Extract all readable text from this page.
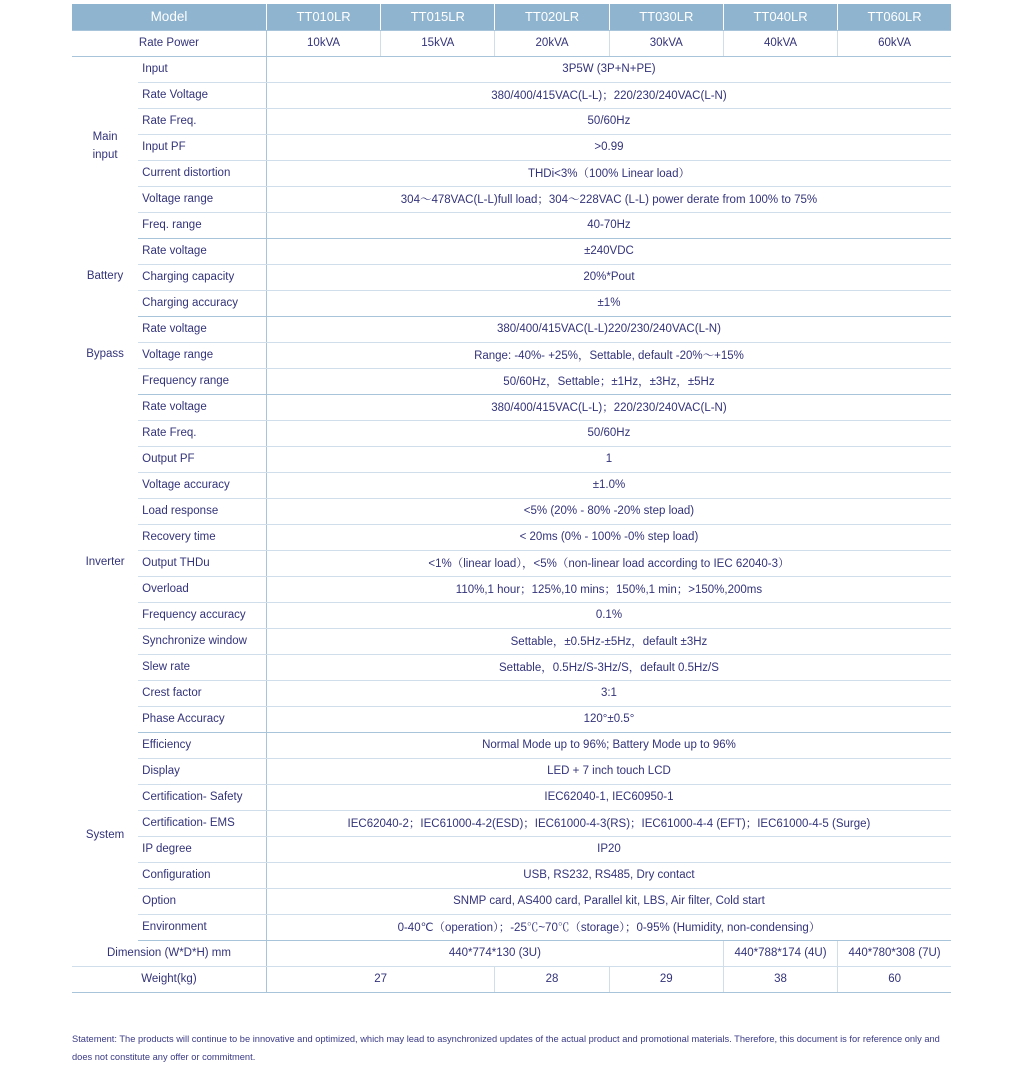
Model		TT010LR	TT015LR	TT020LR	TT030LR	TT040LR	TT060LR
Rate Power		10kVA	15kVA	20kVA	30kVA	40kVA	60kVA

Main
input	Input	3P5W (3P+N+PE)					
	Rate Voltage	380/400/415VAC(L-L)；220/230/240VAC(L-N)					
	Rate Freq.	50/60Hz					
	Input PF	>0.99					
	Current distortion	THDi<3%（100% Linear load）					
	Voltage range	304～478VAC(L-L)full load；304～228VAC (L-L) power derate from 100% to 75%					
	Freq. range	40-70Hz					
Battery	Rate voltage	±240VDC					
	Charging capacity	20%*Pout					
	Charging accuracy	±1%					
Bypass	Rate voltage	380/400/415VAC(L-L)220/230/240VAC(L-N)					
	Voltage range	Range: -40%- +25%，Settable, default -20%～+15%					
	Frequency range	50/60Hz，Settable；±1Hz，±3Hz，±5Hz					
Inverter	Rate voltage	380/400/415VAC(L-L)；220/230/240VAC(L-N)					
	Rate Freq.	50/60Hz					
	Output PF	1					
	Voltage accuracy	±1.0%					
	Load response	<5% (20% - 80% -20% step load)					
	Recovery time	< 20ms (0% - 100% -0% step load)					
	Output THDu	<1%（linear load），<5%（non-linear load according to IEC 62040-3）					
	Overload	110%,1 hour；125%,10 mins；150%,1 min；>150%,200ms					
	Frequency accuracy	0.1%					
	Synchronize window	Settable，±0.5Hz-±5Hz，default ±3Hz					
	Slew rate	Settable，0.5Hz/S-3Hz/S，default 0.5Hz/S					
	Crest factor	3:1					
	Phase Accuracy	120°±0.5°					
System	Efficiency	Normal Mode up to 96%; Battery Mode up to 96%					
	Display	LED + 7 inch touch LCD					
	Certification- Safety	IEC62040-1, IEC60950-1					
	Certification- EMS	IEC62040-2；IEC61000-4-2(ESD)；IEC61000-4-3(RS)；IEC61000-4-4 (EFT)；IEC61000-4-5 (Surge)					
	IP degree	IP20					
	Configuration	USB, RS232, RS485, Dry contact					
	Option	SNMP card, AS400 card, Parallel kit, LBS, Air filter, Cold start					
	Environment	0-40℃（operation）；-25℃~70℃（storage）；0-95% (Humidity, non-condensing）					
Dimension (W*D*H) mm		440*774*130 (3U)				440*788*174 (4U)	440*780*308 (7U)
Weight(kg)		27		28	29	38	60
Statement: The products will continue to be innovative and optimized, which may lead to asynchronized updates of the actual product and promotional materials. Therefore, this document is for reference only and does not constitute any offer or commitment.
